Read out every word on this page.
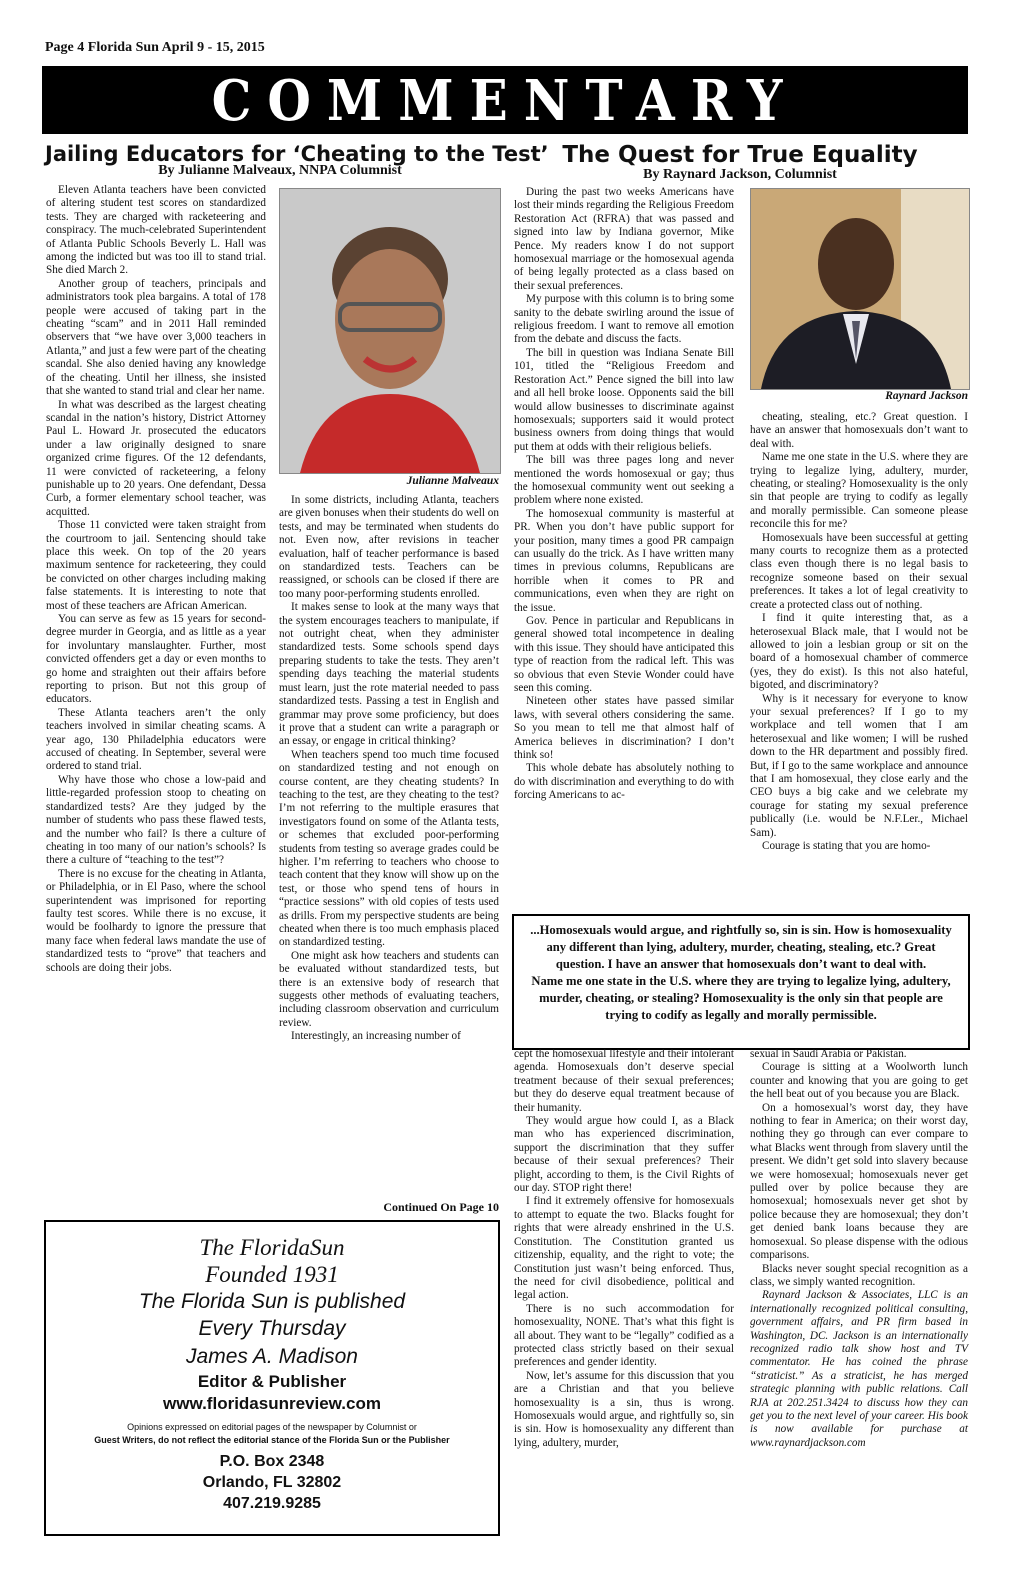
Page 4 Florida Sun April 9 - 15, 2015
COMMENTARY
Jailing Educators for ‘Cheating to the Test’
By Julianne Malveaux, NNPA Columnist

Eleven Atlanta teachers have been convicted of altering student test scores on standardized tests. They are charged with racketeering and conspiracy. The much-celebrated Superintendent of Atlanta Public Schools Beverly L. Hall was among the indicted but was too ill to stand trial. She died March 2.

Another group of teachers, principals and administrators took plea bargains. A total of 178 people were accused of taking part in the cheating “scam” and in 2011 Hall reminded observers that “we have over 3,000 teachers in Atlanta,” and just a few were part of the cheating scandal. She also denied having any knowledge of the cheating. Until her illness, she insisted that she wanted to stand trial and clear her name.

In what was described as the largest cheating scandal in the nation’s history, District Attorney Paul L. Howard Jr. prosecuted the educators under a law originally designed to snare organized crime figures. Of the 12 defendants, 11 were convicted of racketeering, a felony punishable up to 20 years. One defendant, Dessa Curb, a former elementary school teacher, was acquitted.

Those 11 convicted were taken straight from the courtroom to jail. Sentencing should take place this week. On top of the 20 years maximum sentence for racketeering, they could be convicted on other charges including making false statements. It is interesting to note that most of these teachers are African American.

You can serve as few as 15 years for second-degree murder in Georgia, and as little as a year for involuntary manslaughter. Further, most convicted offenders get a day or even months to go home and straighten out their affairs before reporting to prison. But not this group of educators.

These Atlanta teachers aren’t the only teachers involved in similar cheating scams. A year ago, 130 Philadelphia educators were accused of cheating. In September, several were ordered to stand trial.

Why have those who chose a low-paid and little-regarded profession stoop to cheating on standardized tests? Are they judged by the number of students who pass these flawed tests, and the number who fail? Is there a culture of cheating in too many of our nation’s schools? Is there a culture of “teaching to the test”?

There is no excuse for the cheating in Atlanta, or Philadelphia, or in El Paso, where the school superintendent was imprisoned for reporting faulty test scores. While there is no excuse, it would be foolhardy to ignore the pressure that many face when federal laws mandate the use of standardized tests to “prove” that teachers and schools are doing their jobs.

Julianne Malveaux

In some districts, including Atlanta, teachers are given bonuses when their students do well on tests, and may be terminated when students do not. Even now, after revisions in teacher evaluation, half of teacher performance is based on standardized tests. Teachers can be reassigned, or schools can be closed if there are too many poor-performing students enrolled.

It makes sense to look at the many ways that the system encourages teachers to manipulate, if not outright cheat, when they administer standardized tests. Some schools spend days preparing students to take the tests. They aren’t spending days teaching the material students must learn, just the rote material needed to pass standardized tests. Passing a test in English and grammar may prove some proficiency, but does it prove that a student can write a paragraph or an essay, or engage in critical thinking?

When teachers spend too much time focused on standardized testing and not enough on course content, are they cheating students? In teaching to the test, are they cheating to the test? I’m not referring to the multiple erasures that investigators found on some of the Atlanta tests, or schemes that excluded poor-performing students from testing so average grades could be higher. I’m referring to teachers who choose to teach content that they know will show up on the test, or those who spend tens of hours in “practice sessions” with old copies of tests used as drills. From my perspective students are being cheated when there is too much emphasis placed on standardized testing.

One might ask how teachers and students can be evaluated without standardized tests, but there is an extensive body of research that suggests other methods of evaluating teachers, including classroom observation and curriculum review.

Interestingly, an increasing number of

Continued On Page 10
The FloridaSun
Founded 1931
The Florida Sun is published
Every Thursday
James A. Madison
Editor & Publisher
www.floridasunreview.com
Opinions expressed on editorial pages of the newspaper by Columnist or
Guest Writers, do not reflect the editorial stance of the Florida Sun or the Publisher
P.O. Box 2348
Orlando, FL 32802
407.219.9285
The Quest for True Equality
By Raynard Jackson, Columnist

During the past two weeks Americans have lost their minds regarding the Religious Freedom Restoration Act (RFRA) that was passed and signed into law by Indiana governor, Mike Pence. My readers know I do not support homosexual marriage or the homosexual agenda of being legally protected as a class based on their sexual preferences.

My purpose with this column is to bring some sanity to the debate swirling around the issue of religious freedom. I want to remove all emotion from the debate and discuss the facts.

The bill in question was Indiana Senate Bill 101, titled the “Religious Freedom and Restoration Act.” Pence signed the bill into law and all hell broke loose. Opponents said the bill would allow businesses to discriminate against homosexuals; supporters said it would protect business owners from doing things that would put them at odds with their religious beliefs.

The bill was three pages long and never mentioned the words homosexual or gay; thus the homosexual community went out seeking a problem where none existed.

The homosexual community is masterful at PR. When you don’t have public support for your position, many times a good PR campaign can usually do the trick. As I have written many times in previous columns, Republicans are horrible when it comes to PR and communications, even when they are right on the issue.

Gov. Pence in particular and Republicans in general showed total incompetence in dealing with this issue. They should have anticipated this type of reaction from the radical left. This was so obvious that even Stevie Wonder could have seen this coming.

Nineteen other states have passed similar laws, with several others considering the same. So you mean to tell me that almost half of America believes in discrimination? I don’t think so!

This whole debate has absolutely nothing to do with discrimination and everything to do with forcing Americans to ac-

Raynard Jackson

cheating, stealing, etc.? Great question. I have an answer that homosexuals don’t want to deal with.

Name me one state in the U.S. where they are trying to legalize lying, adultery, murder, cheating, or stealing? Homosexuality is the only sin that people are trying to codify as legally and morally permissible. Can someone please reconcile this for me?

Homosexuals have been successful at getting many courts to recognize them as a protected class even though there is no legal basis to recognize someone based on their sexual preferences. It takes a lot of legal creativity to create a protected class out of nothing.

I find it quite interesting that, as a heterosexual Black male, that I would not be allowed to join a lesbian group or sit on the board of a homosexual chamber of commerce (yes, they do exist). Is this not also hateful, bigoted, and discriminatory?

Why is it necessary for everyone to know your sexual preferences? If I go to my workplace and tell women that I am heterosexual and like women; I will be rushed down to the HR department and possibly fired. But, if I go to the same workplace and announce that I am homosexual, they close early and the CEO buys a big cake and we celebrate my courage for stating my sexual preference publically (i.e. would be N.F.Ler., Michael Sam).

Courage is stating that you are homo-

...Homosexuals would argue, and rightfully so, sin is sin. How is homosexuality any different than lying, adultery, murder, cheating, stealing, etc.? Great question. I have an answer that homosexuals don’t want to deal with.

Name me one state in the U.S. where they are trying to legalize lying, adultery, murder, cheating, or stealing? Homosexuality is the only sin that people are trying to codify as legally and morally permissible.

cept the homosexual lifestyle and their intolerant agenda. Homosexuals don’t deserve special treatment because of their sexual preferences; but they do deserve equal treatment because of their humanity.

They would argue how could I, as a Black man who has experienced discrimination, support the discrimination that they suffer because of their sexual preferences? Their plight, according to them, is the Civil Rights of our day. STOP right there!

I find it extremely offensive for homosexuals to attempt to equate the two. Blacks fought for rights that were already enshrined in the U.S. Constitution. The Constitution granted us citizenship, equality, and the right to vote; the Constitution just wasn’t being enforced. Thus, the need for civil disobedience, political and legal action.

There is no such accommodation for homosexuality, NONE. That’s what this fight is all about. They want to be “legally” codified as a protected class strictly based on their sexual preferences and gender identity.

Now, let’s assume for this discussion that you are a Christian and that you believe homosexuality is a sin, thus is wrong. Homosexuals would argue, and rightfully so, sin is sin. How is homosexuality any different than lying, adultery, murder,

sexual in Saudi Arabia or Pakistan.

Courage is sitting at a Woolworth lunch counter and knowing that you are going to get the hell beat out of you because you are Black.

On a homosexual’s worst day, they have nothing to fear in America; on their worst day, nothing they go through can ever compare to what Blacks went through from slavery until the present. We didn’t get sold into slavery because we were homosexual; homosexuals never get pulled over by police because they are homosexual; homosexuals never get shot by police because they are homosexual; they don’t get denied bank loans because they are homosexual. So please dispense with the odious comparisons.

Blacks never sought special recognition as a class, we simply wanted recognition.

Raynard Jackson & Associates, LLC is an internationally recognized political consulting, government affairs, and PR firm based in Washington, DC. Jackson is an internationally recognized radio talk show host and TV commentator. He has coined the phrase “straticist.” As a straticist, he has merged strategic planning with public relations. Call RJA at 202.251.3424 to discuss how they can get you to the next level of your career. His book is now available for purchase at www.raynardjackson.com
